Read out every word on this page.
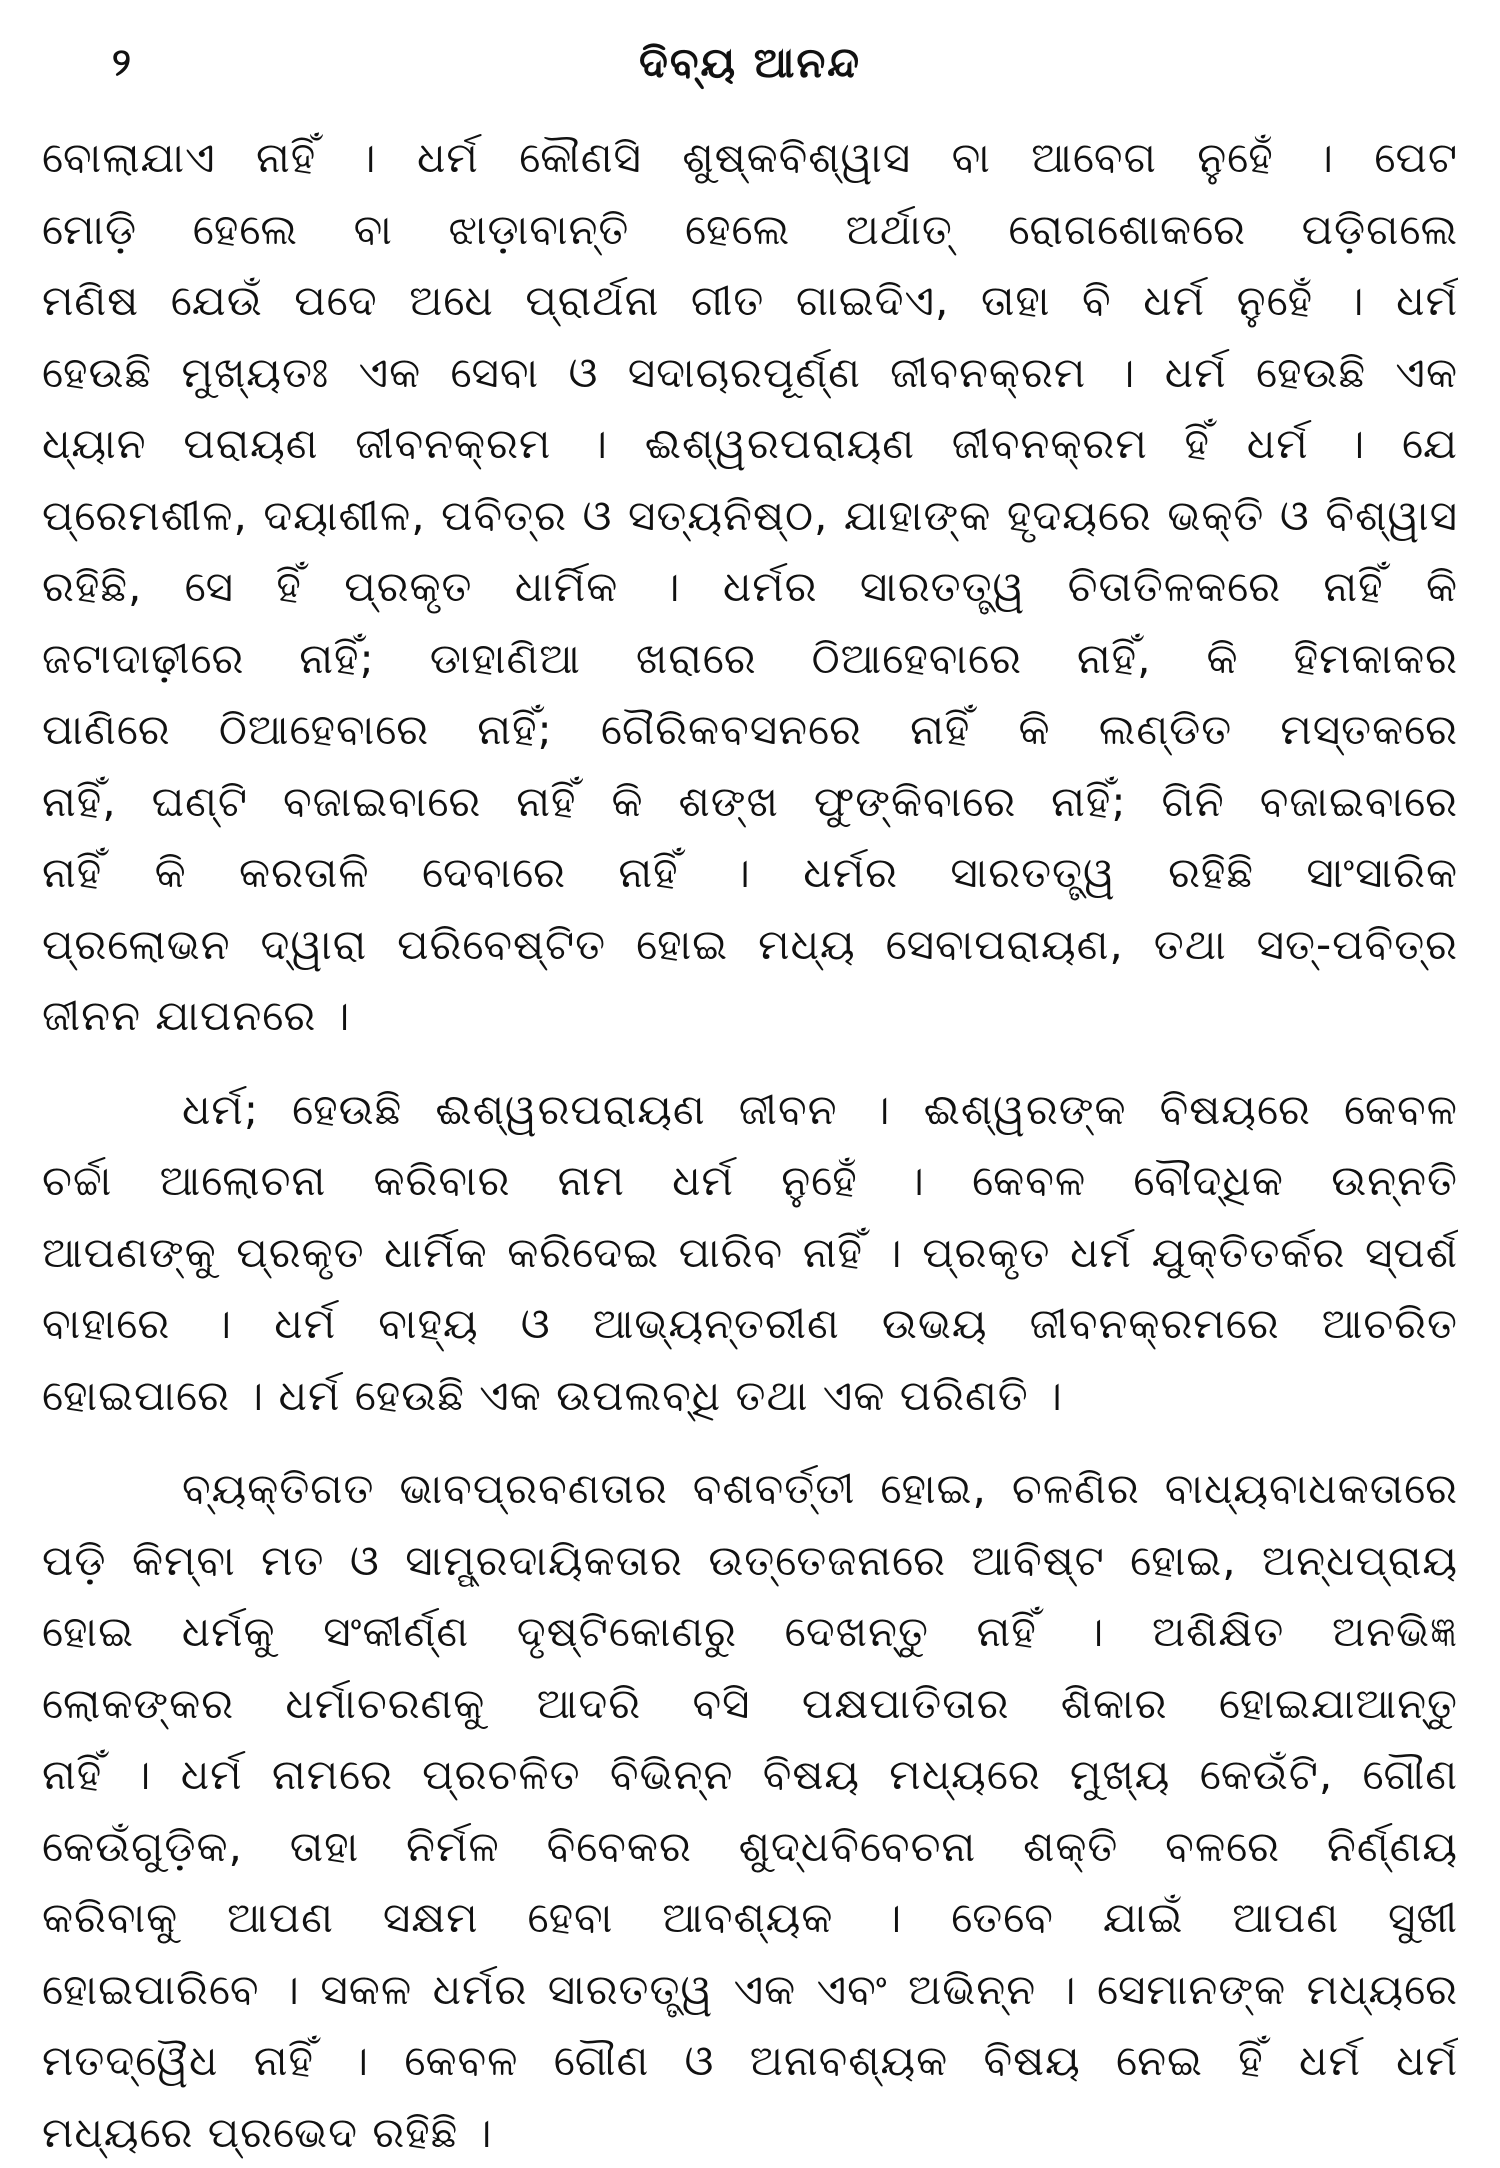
୨	ଦିବ୍ୟ ଆନନ୍ଦ
ବୋଲାଯାଏ ନାହିଁ । ଧର୍ମ କୌଣସି ଶୁଷ୍କବିଶ୍ୱାସ ବା ଆବେଗ ନୁହେଁ । ପେଟ
ମୋଡ଼ି ହେଲେ ବା ଝାଡ଼ାବାନ୍ତି ହେଲେ ଅର୍ଥାତ୍ ରୋଗଶୋକରେ ପଡ଼ିଗଲେ
ମଣିଷ ଯେଉଁ ପଦେ ଅଧେ ପ୍ରାର୍ଥନା ଗୀତ ଗାଇଦିଏ, ତାହା ବି ଧର୍ମ ନୁହେଁ । ଧର୍ମ
ହେଉଛି ମୁଖ୍ୟତଃ ଏକ ସେବା ଓ ସଦାଚାରପୂର୍ଣ୍ଣ ଜୀବନକ୍ରମ । ଧର୍ମ ହେଉଛି ଏକ
ଧ୍ୟାନ ପରାୟଣ ଜୀବନକ୍ରମ । ଈଶ୍ୱରପରାୟଣ ଜୀବନକ୍ରମ ହିଁ ଧର୍ମ । ଯେ
ପ୍ରେମଶୀଳ, ଦୟାଶୀଳ, ପବିତ୍ର ଓ ସତ୍ୟନିଷ୍ଠ, ଯାହାଙ୍କ ହୃଦୟରେ ଭକ୍ତି ଓ ବିଶ୍ୱାସ
ରହିଛି, ସେ ହିଁ ପ୍ରକୃତ ଧାର୍ମିକ । ଧର୍ମର ସାରତତ୍ତ୍ୱ ଚିତାତିଳକରେ ନାହିଁ କି
ଜଟାଦାଢ଼ୀରେ ନାହିଁ; ଡାହାଣିଆ ଖରାରେ ଠିଆହେବାରେ ନାହିଁ, କି ହିମକାକର
ପାଣିରେ ଠିଆହେବାରେ ନାହିଁ; ଗୈରିକବସନରେ ନାହିଁ କି ଲଣ୍ଡିତ ମସ୍ତକରେ
ନାହିଁ, ଘଣ୍ଟି ବଜାଇବାରେ ନାହିଁ କି ଶଙ୍ଖ ଫୁଙ୍କିବାରେ ନାହିଁ; ଗିନି ବଜାଇବାରେ
ନାହିଁ କି କରତାଳି ଦେବାରେ ନାହିଁ । ଧର୍ମର ସାରତତ୍ତ୍ୱ ରହିଛି ସାଂସାରିକ
ପ୍ରଲୋଭନ ଦ୍ୱାରା ପରିବେଷ୍ଟିତ ହୋଇ ମଧ୍ୟ ସେବାପରାୟଣ, ତଥା ସତ୍-ପବିତ୍ର
ଜୀନନ ଯାପନରେ ।
ଧର୍ମ; ହେଉଛି ଈଶ୍ୱରପରାୟଣ ଜୀବନ । ଈଶ୍ୱରଙ୍କ ବିଷୟରେ କେବଳ
ଚର୍ଚ୍ଚା ଆଲୋଚନା କରିବାର ନାମ ଧର୍ମ ନୁହେଁ । କେବଳ ବୌଦ୍ଧିକ ଉନ୍ନତି
ଆପଣଙ୍କୁ ପ୍ରକୃତ ଧାର୍ମିକ କରିଦେଇ ପାରିବ ନାହିଁ । ପ୍ରକୃତ ଧର୍ମ ଯୁକ୍ତିତର୍କର ସ୍ପର୍ଶ
ବାହାରେ । ଧର୍ମ ବାହ୍ୟ ଓ ଆଭ୍ୟନ୍ତରୀଣ ଉଭୟ ଜୀବନକ୍ରମରେ ଆଚରିତ
ହୋଇପାରେ । ଧର୍ମ ହେଉଛି ଏକ ଉପଲବ୍ଧି ତଥା ଏକ ପରିଣତି ।
ବ୍ୟକ୍ତିଗତ ଭାବପ୍ରବଣତାର ବଶବର୍ତ୍ତୀ ହୋଇ, ଚଳଣିର ବାଧ୍ୟବାଧକତାରେ
ପଡ଼ି କିମ୍ବା ମତ ଓ ସାମ୍ପ୍ରଦାୟିକତାର ଉତ୍ତେଜନାରେ ଆବିଷ୍ଟ ହୋଇ, ଅନ୍ଧପ୍ରାୟ
ହୋଇ ଧର୍ମକୁ ସଂକୀର୍ଣ୍ଣ ଦୃଷ୍ଟିକୋଣରୁ ଦେଖନ୍ତୁ ନାହିଁ । ଅଶିକ୍ଷିତ ଅନଭିଜ୍ଞ
ଲୋକଙ୍କର ଧର୍ମାଚରଣକୁ ଆଦରି ବସି ପକ୍ଷପାତିତାର ଶିକାର ହୋଇଯାଆନ୍ତୁ
ନାହିଁ । ଧର୍ମ ନାମରେ ପ୍ରଚଳିତ ବିଭିନ୍ନ ବିଷୟ ମଧ୍ୟରେ ମୁଖ୍ୟ କେଉଁଟି, ଗୌଣ
କେଉଁଗୁଡ଼ିକ, ତାହା ନିର୍ମଳ ବିବେକର ଶୁଦ୍ଧବିବେଚନା ଶକ୍ତି ବଳରେ ନିର୍ଣ୍ଣୟ
କରିବାକୁ ଆପଣ ସକ୍ଷମ ହେବା ଆବଶ୍ୟକ । ତେବେ ଯାଇଁ ଆପଣ ସୁଖୀ
ହୋଇପାରିବେ । ସକଳ ଧର୍ମର ସାରତତ୍ତ୍ୱ ଏକ ଏବଂ ଅଭିନ୍ନ । ସେମାନଙ୍କ ମଧ୍ୟରେ
ମତଦ୍ୱୈଧ ନାହିଁ । କେବଳ ଗୌଣ ଓ ଅନାବଶ୍ୟକ ବିଷୟ ନେଇ ହିଁ ଧର୍ମ ଧର୍ମ
ମଧ୍ୟରେ ପ୍ରଭେଦ ରହିଛି ।
